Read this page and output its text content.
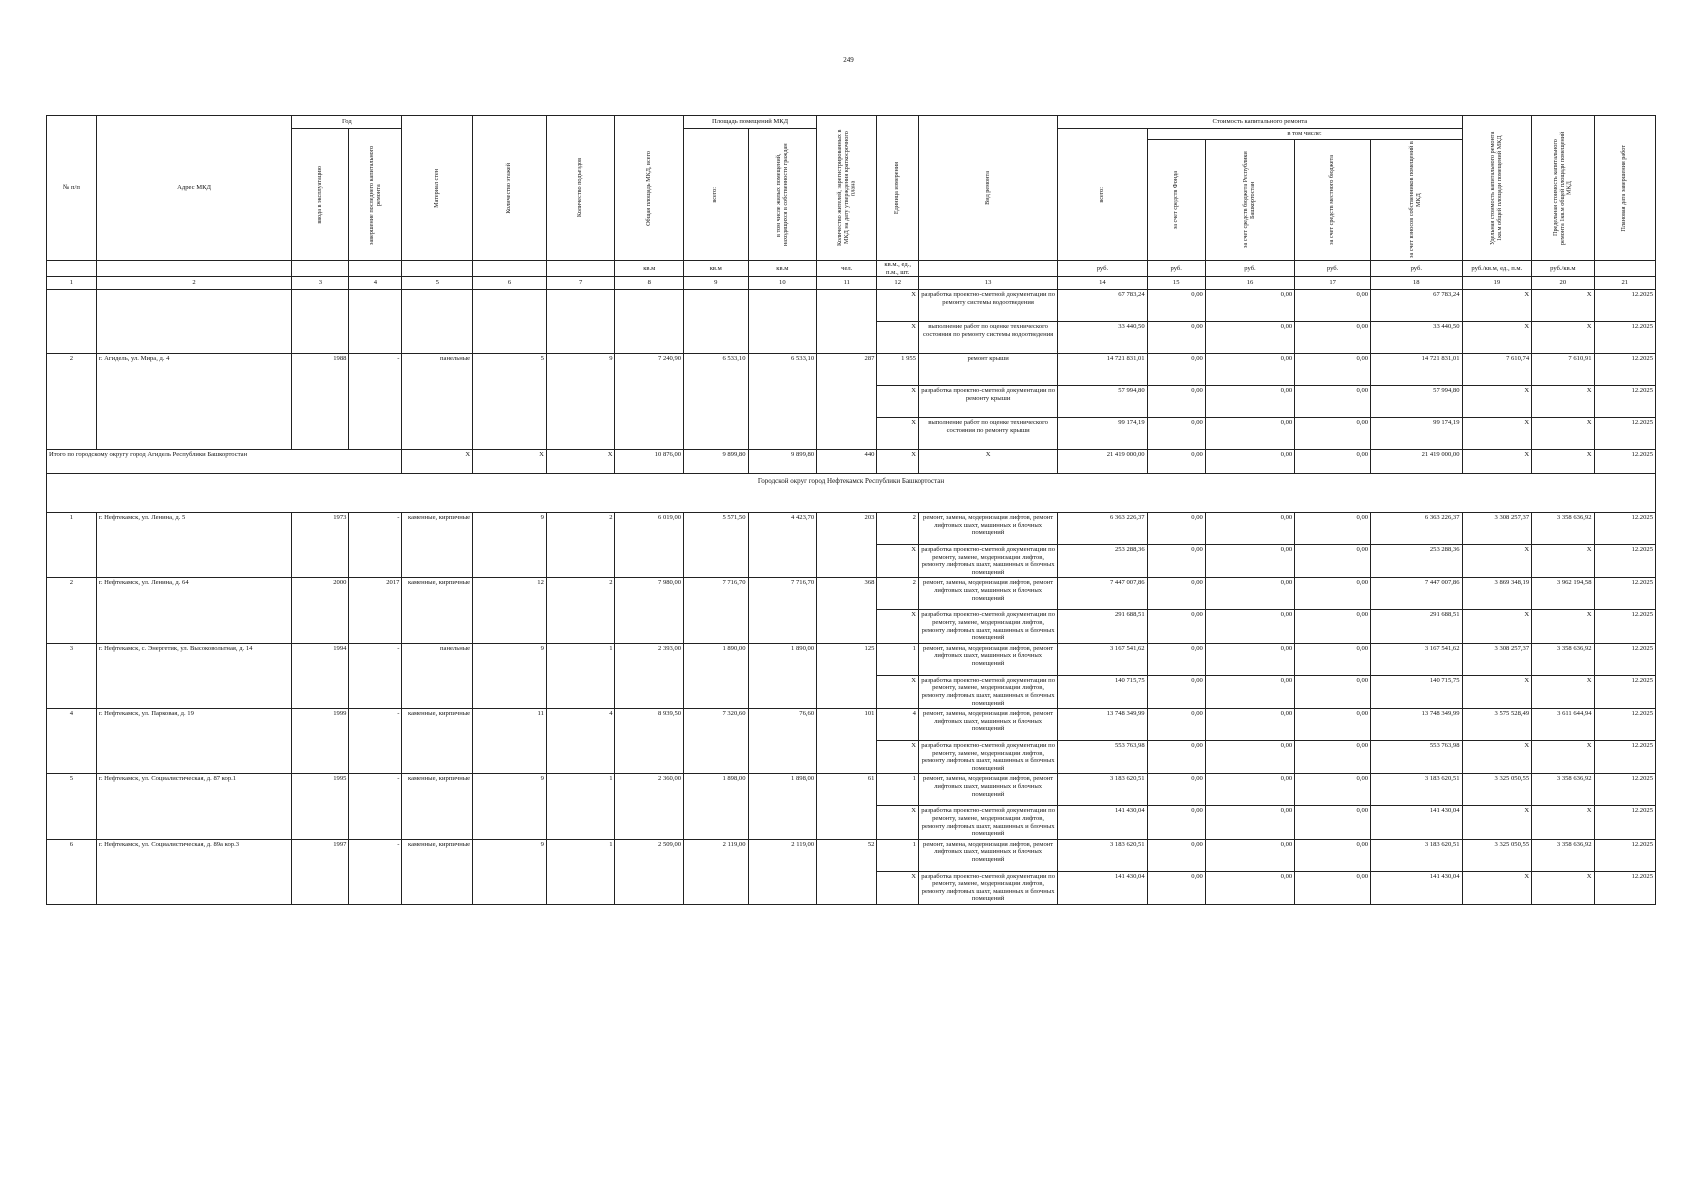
249
№ п/п	Адрес МКД	Год		Материал стен	Количество этажей	Количество подъездов	Общая площадь МКД, всего	Площадь помещений МКД		Количество жителей, зарегистрированных в МКД на дату утверждения краткосрочного плана	Единица измерения	Вид ремонта	Стоимость капитального ремонта					Удельная стоимость капитального ремонта 1кв.м общей площади помещений МКД	Предельная стоимость капитального ремонта 1кв.м общей площади помещений МКД	Плановая дата завершения работ

		ввода в эксплуатацию	завершение последнего капитального ремонта					всего:	в том числе жилых помещений, находящихся в собственности граждан				всего:	в том числе:						

														за счет средств Фонда	за счет средств бюджета Республики Башкортостан	за счет средств местного бюджета	за счет взносов собственников помещений в МКД			

							кв.м	кв.м	кв.м	чел.	кв.м., ед., п.м., шт.		руб.	руб.	руб.	руб.	руб.	руб./кв.м, ед., п.м.	руб./кв.м	
1	2	3	4	5	6	7	8	9	10	11	12	13	14	15	16	17	18	19	20	21
											X	разработка проектно-сметной документации по ремонту системы водоотведения	67 783,24	0,00	0,00	0,00	67 783,24	X	X	12.2025
											X	выполнение работ по оценке технического состояния по ремонту системы водоотведения	33 440,50	0,00	0,00	0,00	33 440,50	X	X	12.2025
2	г. Агидель, ул. Мира, д. 4	1988	-	панельные	5	9	7 240,90	6 533,10	6 533,10	287	1 955	ремонт крыши	14 721 831,01	0,00	0,00	0,00	14 721 831,01	7 610,74	7 610,91	12.2025
											X	разработка проектно-сметной документации по ремонту крыши	57 994,80	0,00	0,00	0,00	57 994,80	X	X	12.2025
											X	выполнение работ по оценке технического состояния по ремонту крыши	99 174,19	0,00	0,00	0,00	99 174,19	X	X	12.2025
Итого по городскому округу город Агидель Республики Башкортостан				X	X	X	10 876,00	9 899,80	9 899,80	440	X	X	21 419 000,00	0,00	0,00	0,00	21 419 000,00	X	X	12.2025
Городской округ город Нефтекамск Республики Башкортостан																				
1	г. Нефтекамск, ул. Ленина, д. 5	1973	-	каменные, кирпичные	9	2	6 019,00	5 571,50	4 423,70	203	2	ремонт, замена, модернизация лифтов, ремонт лифтовых шахт, машинных и блочных помещений	6 363 226,37	0,00	0,00	0,00	6 363 226,37	3 308 257,37	3 358 636,92	12.2025
											X	разработка проектно-сметной документации по ремонту, замене, модернизации лифтов, ремонту лифтовых шахт, машинных и блочных помещений	253 288,36	0,00	0,00	0,00	253 288,36	X	X	12.2025
2	г. Нефтекамск, ул. Ленина, д. 64	2000	2017	каменные, кирпичные	12	2	7 980,00	7 716,70	7 716,70	368	2	ремонт, замена, модернизация лифтов, ремонт лифтовых шахт, машинных и блочных помещений	7 447 007,86	0,00	0,00	0,00	7 447 007,86	3 869 348,19	3 962 194,58	12.2025
											X	разработка проектно-сметной документации по ремонту, замене, модернизации лифтов, ремонту лифтовых шахт, машинных и блочных помещений	291 688,51	0,00	0,00	0,00	291 688,51	X	X	12.2025
3	г. Нефтекамск, с. Энергетик, ул. Высоковольтная, д. 14	1994	-	панельные	9	1	2 393,00	1 890,00	1 890,00	125	1	ремонт, замена, модернизация лифтов, ремонт лифтовых шахт, машинных и блочных помещений	3 167 541,62	0,00	0,00	0,00	3 167 541,62	3 308 257,37	3 358 636,92	12.2025
											X	разработка проектно-сметной документации по ремонту, замене, модернизации лифтов, ремонту лифтовых шахт, машинных и блочных помещений	140 715,75	0,00	0,00	0,00	140 715,75	X	X	12.2025
4	г. Нефтекамск, ул. Парковая, д. 19	1999	-	каменные, кирпичные	11	4	8 939,50	7 320,60	76,60	101	4	ремонт, замена, модернизация лифтов, ремонт лифтовых шахт, машинных и блочных помещений	13 748 349,99	0,00	0,00	0,00	13 748 349,99	3 575 528,49	3 611 644,94	12.2025
											X	разработка проектно-сметной документации по ремонту, замене, модернизации лифтов, ремонту лифтовых шахт, машинных и блочных помещений	553 763,98	0,00	0,00	0,00	553 763,98	X	X	12.2025
5	г. Нефтекамск, ул. Социалистическая, д. 87 кор.1	1995	-	каменные, кирпичные	9	1	2 360,00	1 898,00	1 898,00	61	1	ремонт, замена, модернизация лифтов, ремонт лифтовых шахт, машинных и блочных помещений	3 183 620,51	0,00	0,00	0,00	3 183 620,51	3 325 050,55	3 358 636,92	12.2025
											X	разработка проектно-сметной документации по ремонту, замене, модернизации лифтов, ремонту лифтовых шахт, машинных и блочных помещений	141 430,04	0,00	0,00	0,00	141 430,04	X	X	12.2025
6	г. Нефтекамск, ул. Социалистическая, д. 89а кор.3	1997	-	каменные, кирпичные	9	1	2 509,00	2 119,00	2 119,00	52	1	ремонт, замена, модернизация лифтов, ремонт лифтовых шахт, машинных и блочных помещений	3 183 620,51	0,00	0,00	0,00	3 183 620,51	3 325 050,55	3 358 636,92	12.2025
											X	разработка проектно-сметной документации по ремонту, замене, модернизации лифтов, ремонту лифтовых шахт, машинных и блочных помещений	141 430,04	0,00	0,00	0,00	141 430,04	X	X	12.2025
